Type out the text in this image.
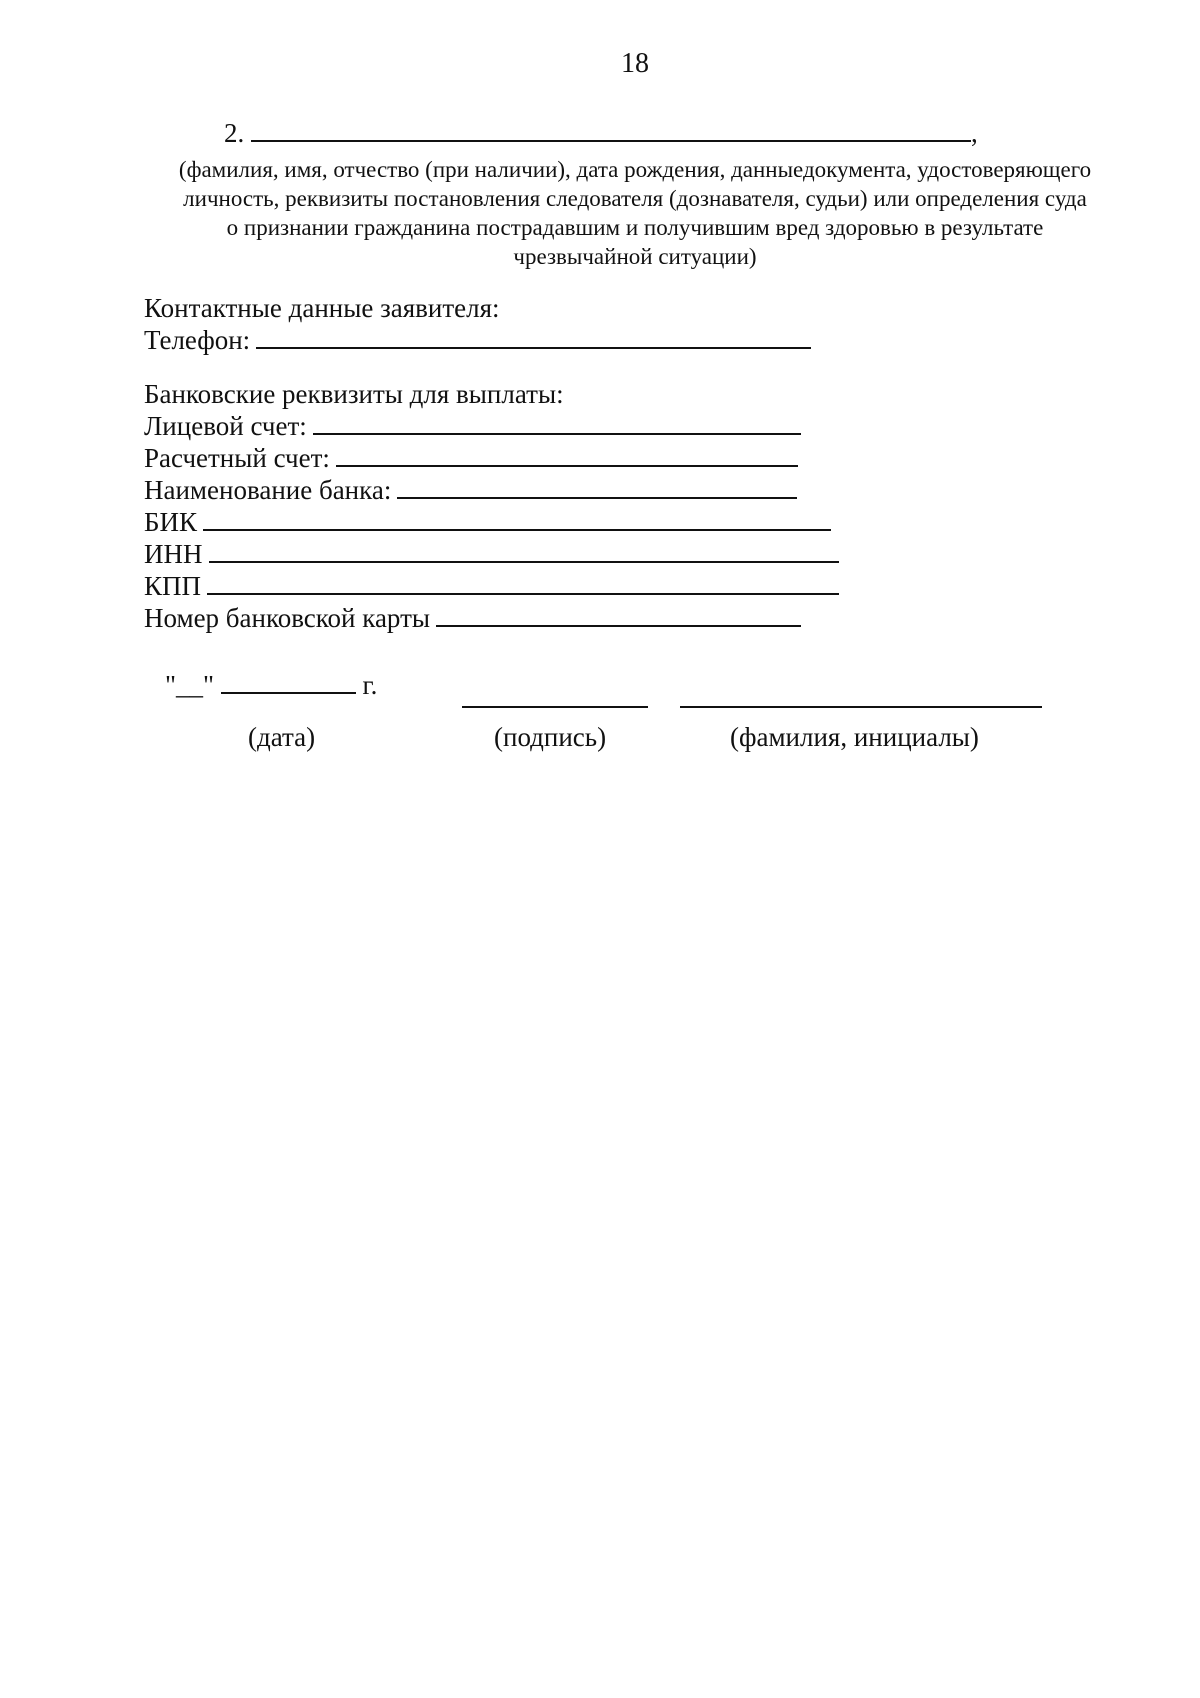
18
2.	,
(фамилия, имя, отчество (при наличии), дата рождения, данныедокумента, удостоверяющего
личность, реквизиты постановления следователя (дознавателя, судьи) или определения суда
о признании гражданина пострадавшим и получившим вред здоровью в результате
чрезвычайной ситуации)
Контактные данные заявителя:
Телефон:
Банковские реквизиты для выплаты:
Лицевой счет:
Расчетный счет:
Наименование банка:
БИК
ИНН
КПП
Номер банковской карты
"__"	г.
(дата)	(подпись)	(фамилия, инициалы)
